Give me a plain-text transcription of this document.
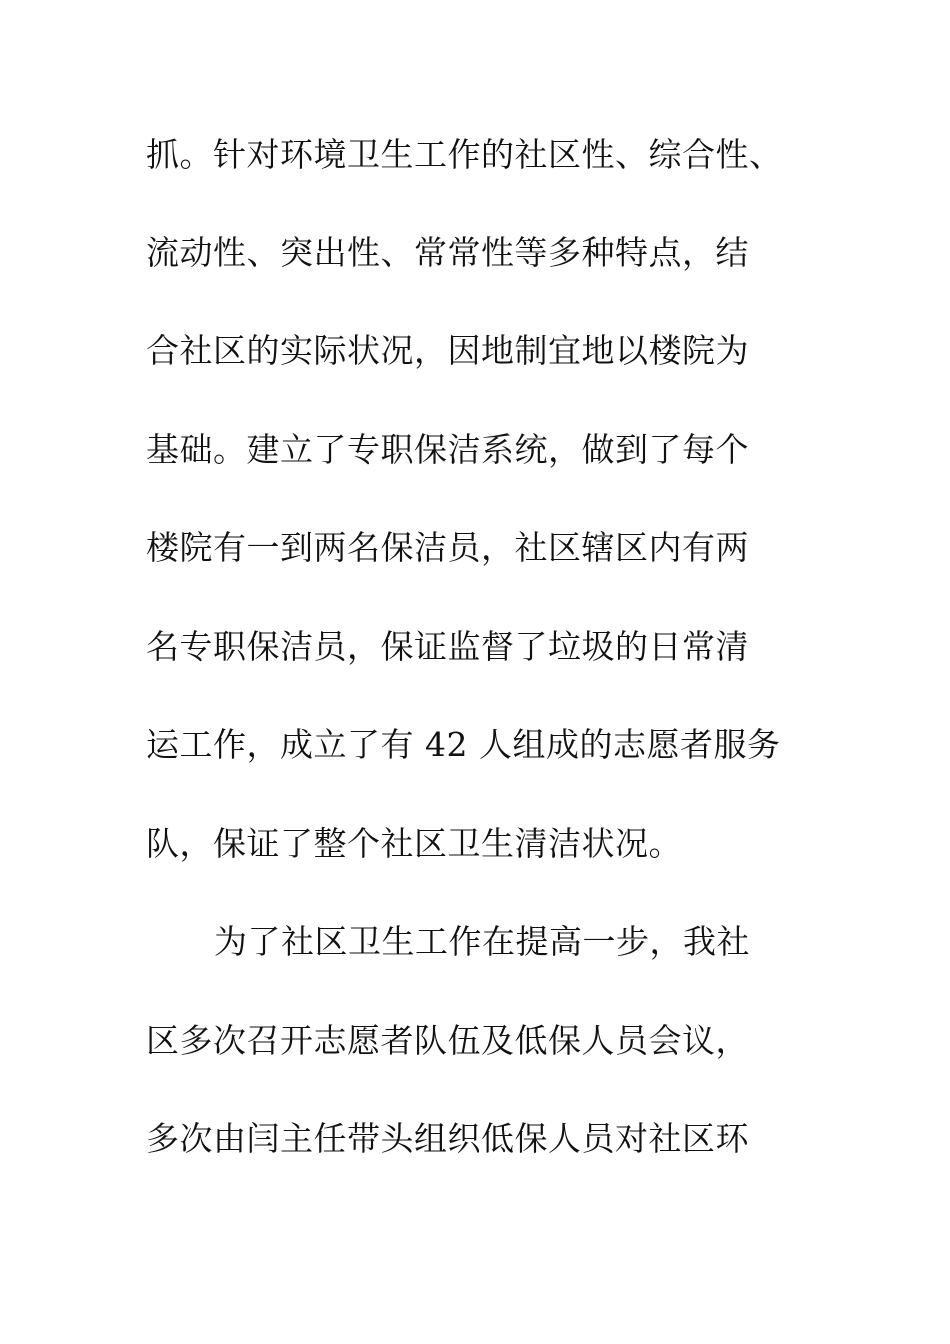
抓。针对环境卫生工作的社区性、综合性、
流动性、突出性、常常性等多种特点，结
合社区的实际状况，因地制宜地以楼院为
基础。建立了专职保洁系统，做到了每个
楼院有一到两名保洁员，社区辖区内有两
名专职保洁员，保证监督了垃圾的日常清
运工作，成立了有 42 人组成的志愿者服务
队，保证了整个社区卫生清洁状况。
为了社区卫生工作在提高一步，我社
区多次召开志愿者队伍及低保人员会议，
多次由闫主任带头组织低保人员对社区环
